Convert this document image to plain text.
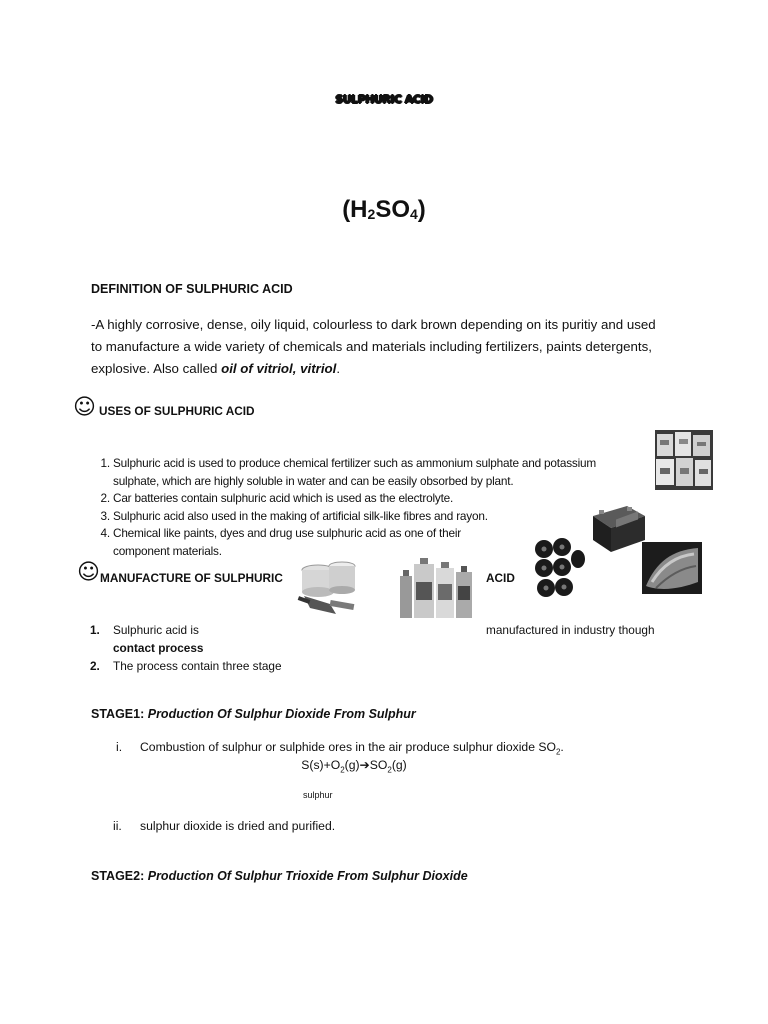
SULPHURIC ACID
$(H_2SO_4)$
DEFINITION OF SULPHURIC ACID
-A highly corrosive, dense, oily liquid, colourless to dark brown depending on its puritiy and used to manufacture a wide variety of chemicals and materials including fertilizers, paints detergents, explosive. Also called oil of vitriol, vitriol.
☺ USES OF SULPHURIC ACID
1. Sulphuric acid is used to produce chemical fertilizer such as ammonium sulphate and potassium sulphate, which are highly soluble in water and can be easily obsorbed by plant.
2. Car batteries contain sulphuric acid which is used as the electrolyte.
3. Sulphuric acid also used in the making of artificial silk-like fibres and rayon.
4. Chemical like paints, dyes and drug use sulphuric acid as one of their component materials.
☺ MANUFACTURE OF SULPHURIC	ACID
1. Sulphuric acid is	manufactured in industry though
contact process
2. The process contain three stage
STAGE1: Production Of Sulphur Dioxide From Sulphur
i. Combustion of sulphur or sulphide ores in the air produce sulphur dioxide $SO_2$.
$S(s)+O_2(g)➔SO_2(g)$
sulphur
ii. sulphur dioxide is dried and purified.
STAGE2: Production Of Sulphur Trioxide From Sulphur Dioxide
